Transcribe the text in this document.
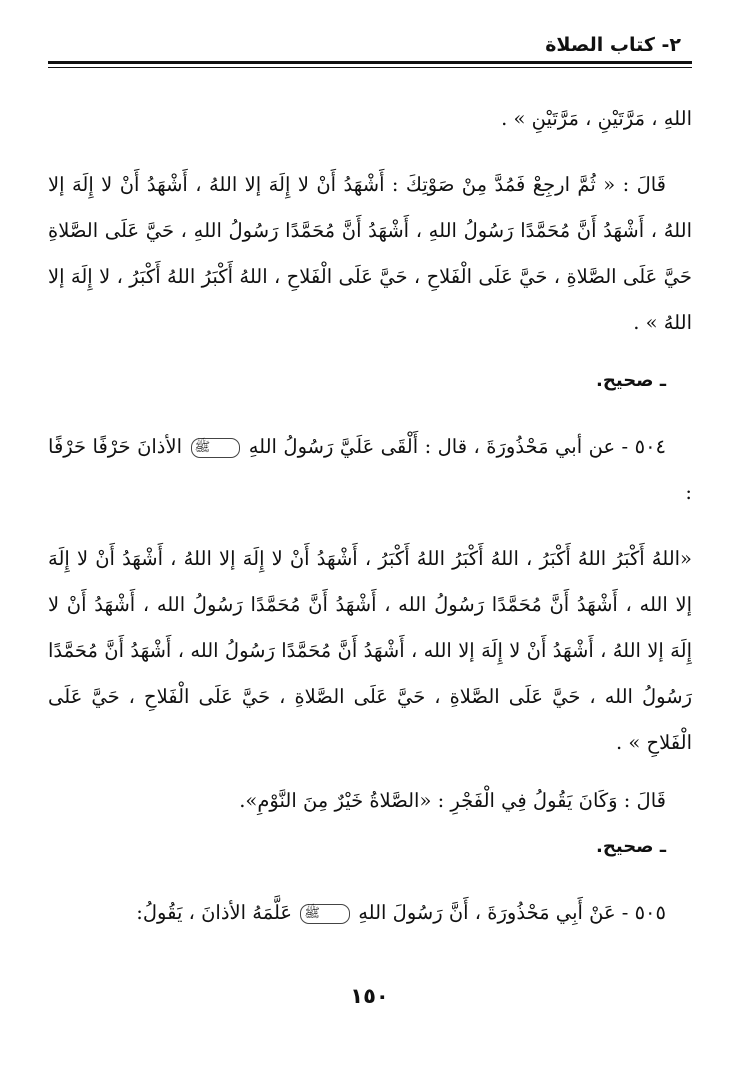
٢- كتاب الصلاة

اللهِ ، مَرَّتَيْنِ ، مَرَّتَيْنِ » .

قَالَ : « ثُمَّ ارجِعْ فَمُدَّ مِنْ صَوْتِكَ : أَشْهَدُ أَنْ لا إِلَهَ إلا اللهُ ، أَشْهَدُ أَنْ لا إِلَهَ إلا اللهُ ، أَشْهَدُ أَنَّ مُحَمَّدًا رَسُولُ اللهِ ، أَشْهَدُ أَنَّ مُحَمَّدًا رَسُولُ اللهِ ، حَيَّ عَلَى الصَّلاةِ حَيَّ عَلَى الصَّلاةِ ، حَيَّ عَلَى الْفَلاحِ ، حَيَّ عَلَى الْفَلاحِ ، اللهُ أَكْبَرُ اللهُ أَكْبَرُ ، لا إِلَهَ إلا اللهُ » .

ـ صحيح.

٥٠٤ - عن أبي مَحْذُورَةَ ، قال : أَلْقَى عَلَيَّ رَسُولُ اللهِ ﷺ الأذانَ حَرْفًا حَرْفًا :

«اللهُ أَكْبَرُ اللهُ أَكْبَرُ ، اللهُ أَكْبَرُ اللهُ أَكْبَرُ ، أَشْهَدُ أَنْ لا إِلَهَ إلا اللهُ ، أَشْهَدُ أَنْ لا إِلَهَ إلا الله ، أَشْهَدُ أَنَّ مُحَمَّدًا رَسُولُ الله ، أَشْهَدُ أَنَّ مُحَمَّدًا رَسُولُ الله ، أَشْهَدُ أَنْ لا إِلَهَ إلا اللهُ ، أَشْهَدُ أَنْ لا إِلَهَ إلا الله ، أَشْهَدُ أَنَّ مُحَمَّدًا رَسُولُ الله ، أَشْهَدُ أَنَّ مُحَمَّدًا رَسُولُ الله ، حَيَّ عَلَى الصَّلاةِ ، حَيَّ عَلَى الصَّلاةِ ، حَيَّ عَلَى الْفَلاحِ ، حَيَّ عَلَى الْفَلاحِ » .

قَالَ : وَكَانَ يَقُولُ فِي الْفَجْرِ : «الصَّلاةُ خَيْرٌ مِنَ النَّوْمِ».

ـ صحيح.

٥٠٥ - عَنْ أَبِي مَحْذُورَةَ ، أَنَّ رَسُولَ اللهِ ﷺ عَلَّمَهُ الأذانَ ، يَقُولُ:

١٥٠
